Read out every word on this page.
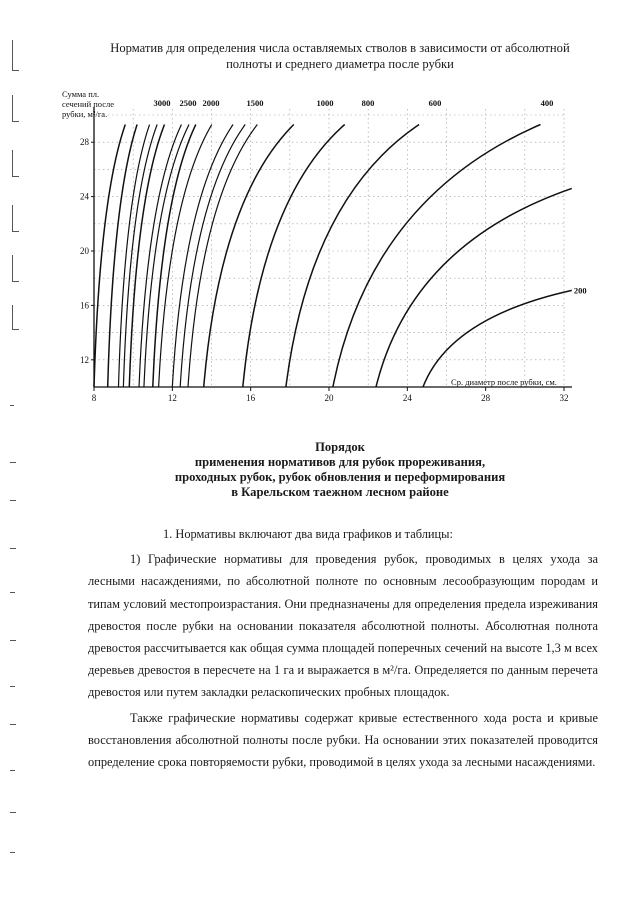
Норматив для определения числа оставляемых стволов в зависимости от абсолютной полноты и среднего диаметра после рубки
8	12	16	20	24	28	32
12
16
20
24
28
3000 2500 2000	1500	1000	800	600	400
200
Сумма пл. сечений после рубки, м²/га.
Ср. диаметр после рубки, см.
Порядок
применения нормативов для рубок прореживания,
проходных рубок, рубок обновления и переформирования
в Карельском таежном лесном районе

1. Нормативы включают два вида графиков и таблицы:

1) Графические нормативы для проведения рубок, проводимых в целях ухода за лесными насаждениями, по абсолютной полноте по основным лесообразующим породам и типам условий местопроизрастания. Они предназначены для определения предела изреживания древостоя после рубки на основании показателя абсолютной полноты. Абсолютная полнота древостоя рассчитывается как общая сумма площадей поперечных сечений на высоте 1,3 м всех деревьев древостоя в пересчете на 1 га и выражается в м²/га. Определяется по данным перечета древостоя или путем закладки реласкопических пробных площадок.

Также графические нормативы содержат кривые естественного хода роста и кривые восстановления абсолютной полноты после рубки. На основании этих показателей проводится определение срока повторяемости рубки, проводимой в целях ухода за лесными насаждениями.
